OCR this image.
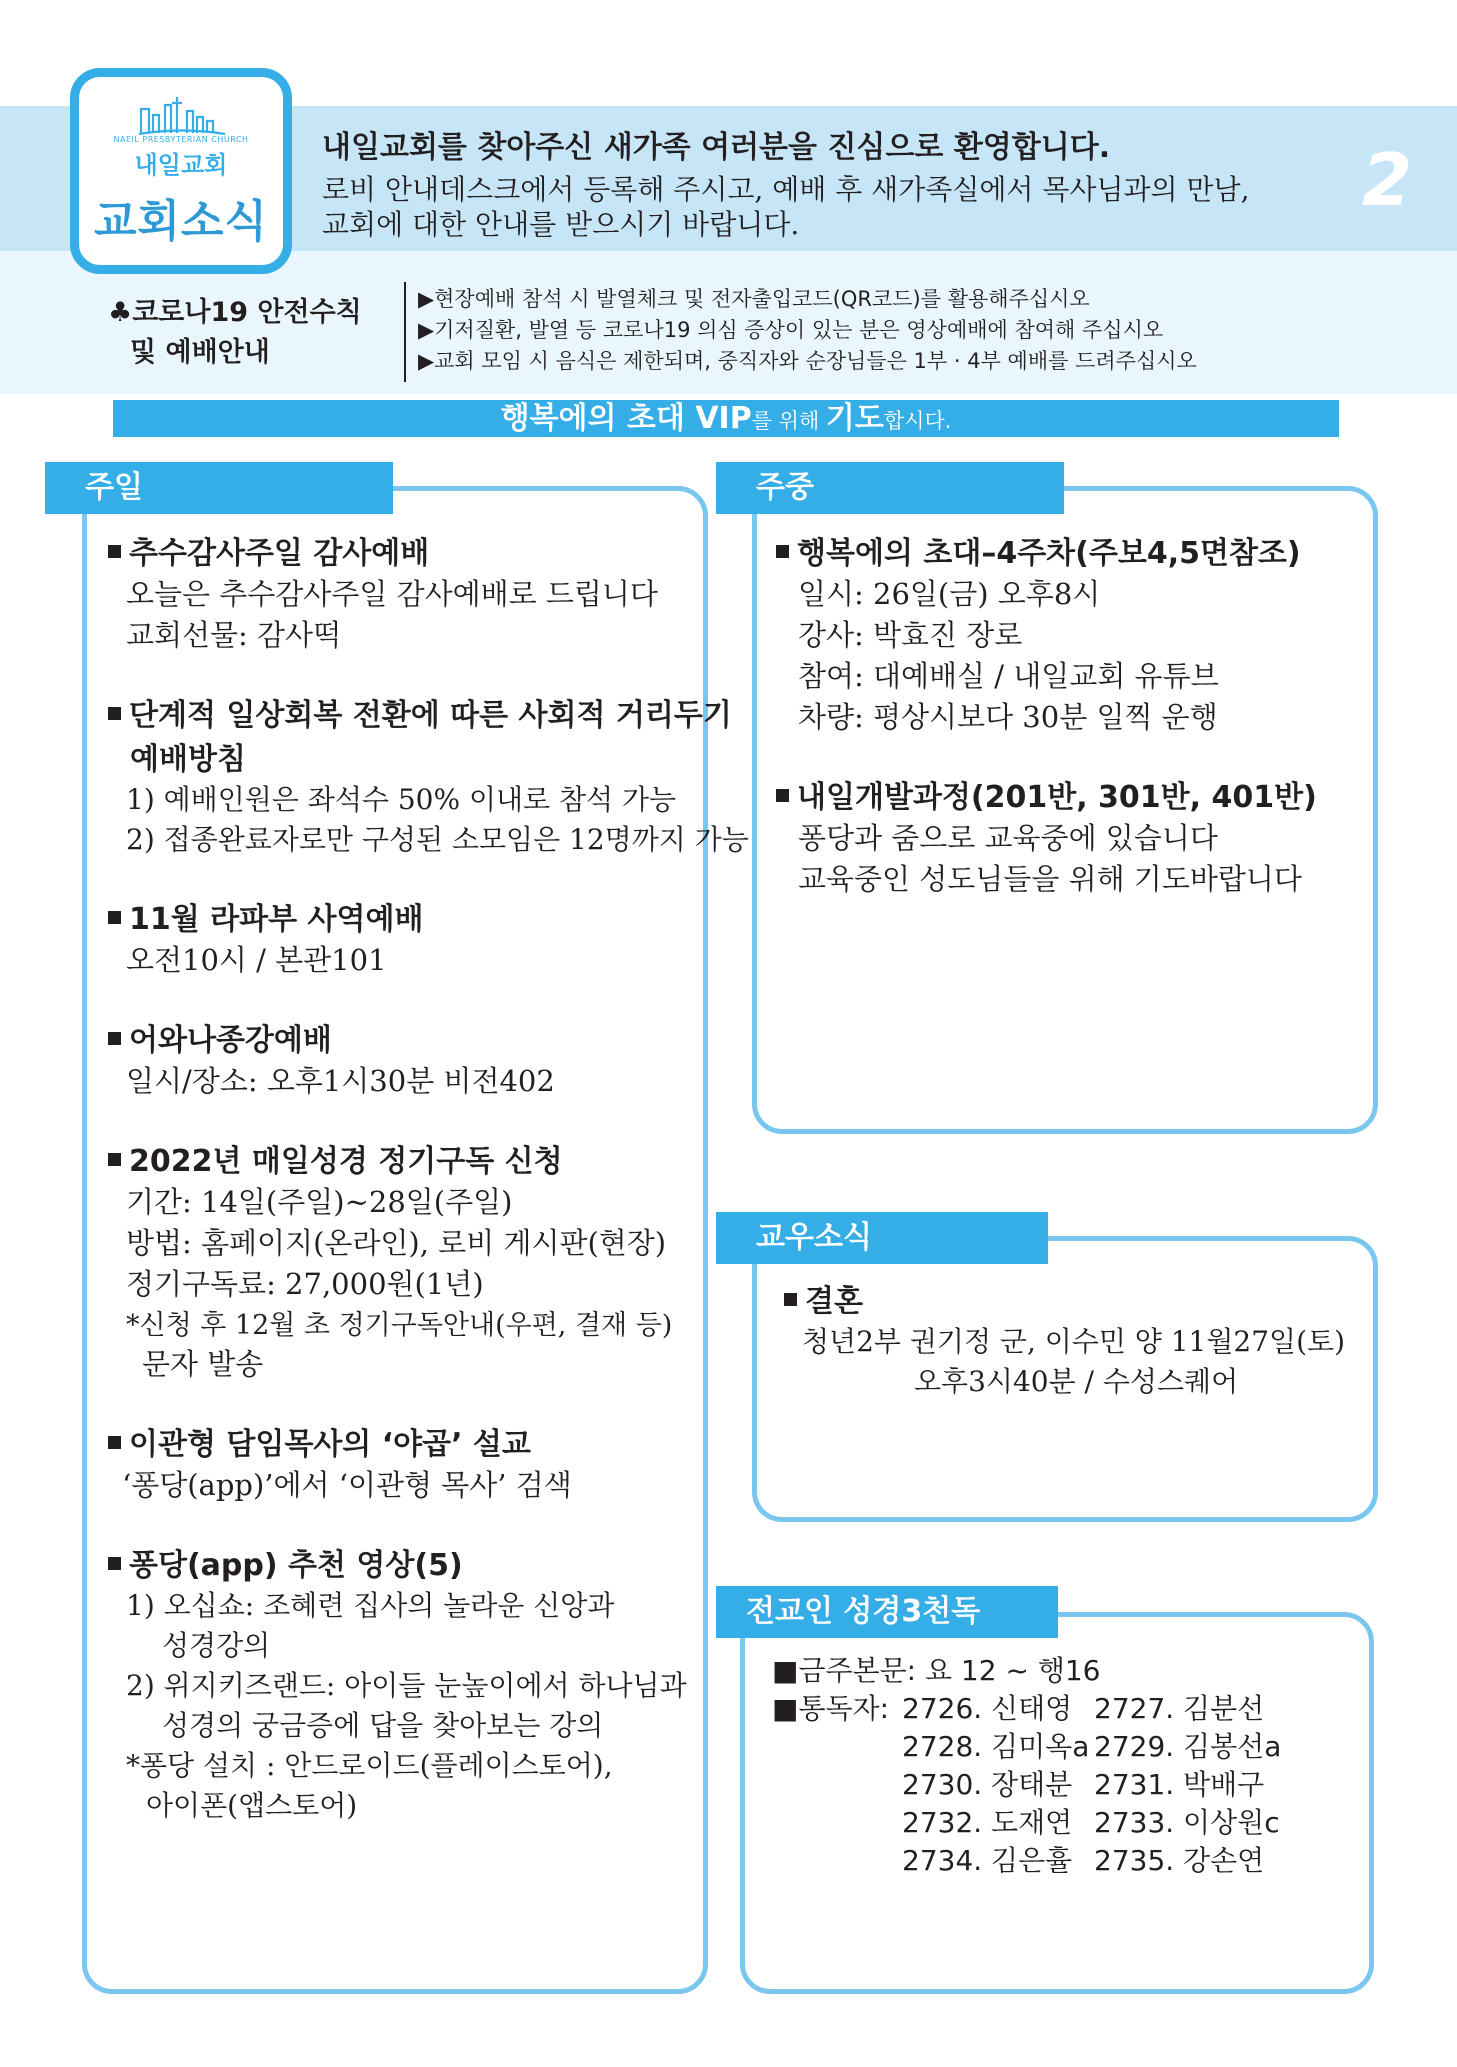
NAEIL PRESBYTERIAN CHURCH
내일교회
교회소식
내일교회를 찾아주신 새가족 여러분을 진심으로 환영합니다.
로비 안내데스크에서 등록해 주시고, 예배 후 새가족실에서 목사님과의 만남,
교회에 대한 안내를 받으시기 바랍니다.
2
♣코로나19 안전수칙
및 예배안내
▶현장예배 참석 시 발열체크 및 전자출입코드(QR코드)를 활용해주십시오
▶기저질환, 발열 등 코로나19 의심 증상이 있는 분은 영상예배에 참여해 주십시오
▶교회 모임 시 음식은 제한되며, 중직자와 순장님들은 1부 · 4부 예배를 드려주십시오
행복에의 초대 VIP를 위해 기도합시다.
주일
추수감사주일 감사예배
오늘은 추수감사주일 감사예배로 드립니다
교회선물: 감사떡
단계적 일상회복 전환에 따른 사회적 거리두기
예배방침
1) 예배인원은 좌석수 50% 이내로 참석 가능
2) 접종완료자로만 구성된 소모임은 12명까지 가능
11월 라파부 사역예배
오전10시 / 본관101
어와나종강예배
일시/장소: 오후1시30분 비전402
2022년 매일성경 정기구독 신청
기간: 14일(주일)~28일(주일)
방법: 홈페이지(온라인), 로비 게시판(현장)
정기구독료: 27,000원(1년)
*신청 후 12월 초 정기구독안내(우편, 결재 등)
문자 발송
이관형 담임목사의 ‘야곱’ 설교
‘퐁당(app)’에서 ‘이관형 목사’ 검색
퐁당(app) 추천 영상(5)
1) 오십쇼: 조혜련 집사의 놀라운 신앙과
성경강의
2) 위지키즈랜드: 아이들 눈높이에서 하나님과
성경의 궁금증에 답을 찾아보는 강의
*퐁당 설치 : 안드로이드(플레이스토어),
아이폰(앱스토어)
주중
행복에의 초대–4주차(주보4,5면참조)
일시: 26일(금) 오후8시
강사: 박효진 장로
참여: 대예배실 / 내일교회 유튜브
차량: 평상시보다 30분 일찍 운행
내일개발과정(201반, 301반, 401반)
퐁당과 줌으로 교육중에 있습니다
교육중인 성도님들을 위해 기도바랍니다
교우소식
결혼
청년2부 권기정 군, 이수민 양 11월27일(토)
오후3시40분 / 수성스퀘어
전교인 성경3천독
■금주본문: 요 12 ~ 행16
■통독자: 2726. 신태영 2727. 김분선
2728. 김미옥a 2729. 김봉선a
2730. 장태분 2731. 박배구
2732. 도재연 2733. 이상원c
2734. 김은휼 2735. 강손연
